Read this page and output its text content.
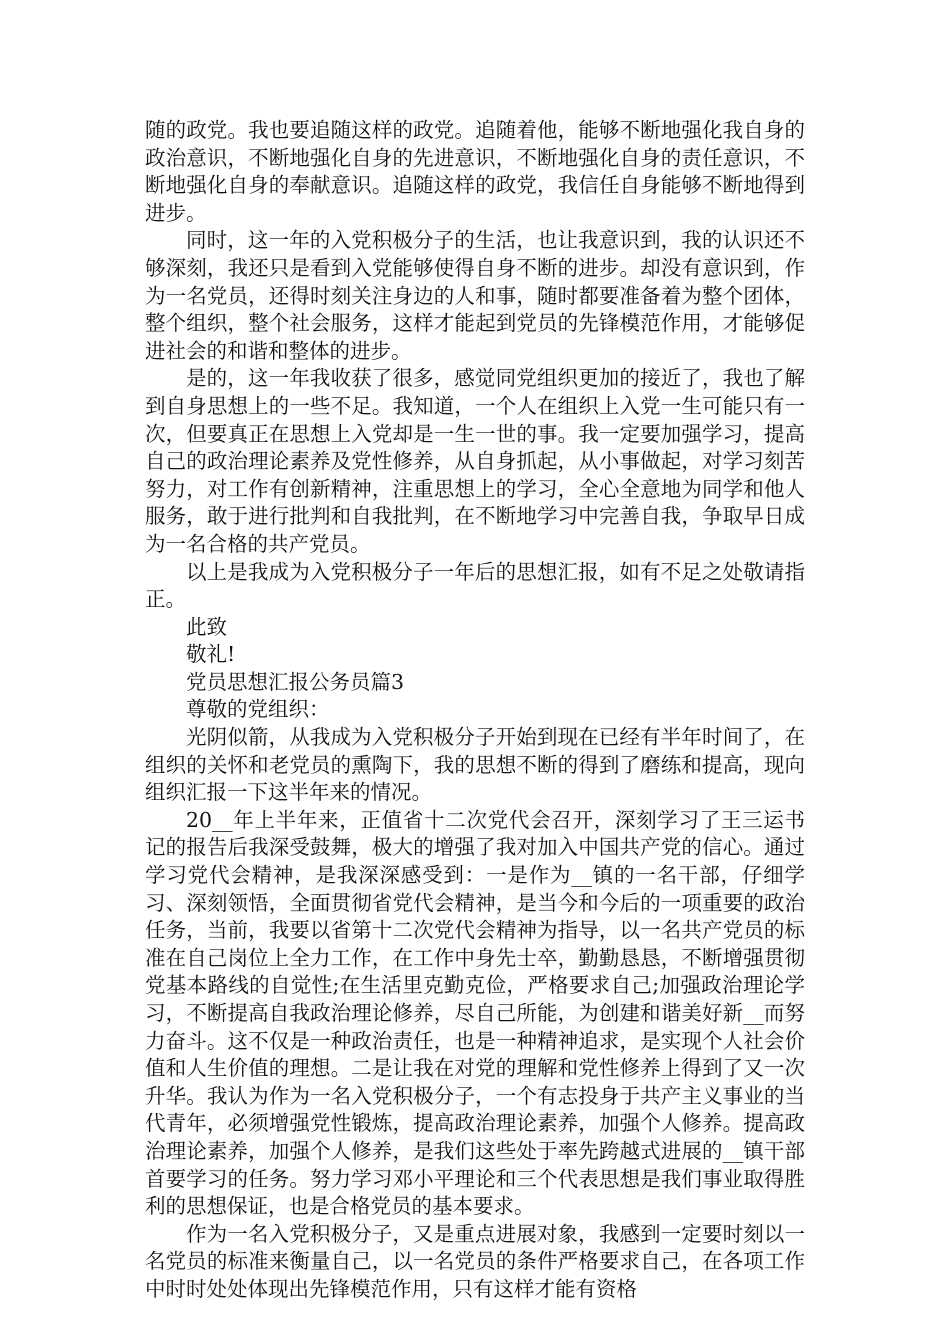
随的政党。我也要追随这样的政党。追随着他，能够不断地强化我自身的政治意识，不断地强化自身的先进意识，不断地强化自身的责任意识，不断地强化自身的奉献意识。追随这样的政党，我信任自身能够不断地得到进步。

同时，这一年的入党积极分子的生活，也让我意识到，我的认识还不够深刻，我还只是看到入党能够使得自身不断的进步。却没有意识到，作为一名党员，还得时刻关注身边的人和事，随时都要准备着为整个团体，整个组织，整个社会服务，这样才能起到党员的先锋模范作用，才能够促进社会的和谐和整体的进步。

是的，这一年我收获了很多，感觉同党组织更加的接近了，我也了解到自身思想上的一些不足。我知道，一个人在组织上入党一生可能只有一次，但要真正在思想上入党却是一生一世的事。我一定要加强学习，提高自己的政治理论素养及党性修养，从自身抓起，从小事做起，对学习刻苦努力，对工作有创新精神，注重思想上的学习，全心全意地为同学和他人服务，敢于进行批判和自我批判，在不断地学习中完善自我，争取早日成为一名合格的共产党员。

以上是我成为入党积极分子一年后的思想汇报，如有不足之处敬请指正。

此致

敬礼!

党员思想汇报公务员篇3

尊敬的党组织：

光阴似箭，从我成为入党积极分子开始到现在已经有半年时间了，在组织的关怀和老党员的熏陶下，我的思想不断的得到了磨练和提高，现向组织汇报一下这半年来的情况。

20__年上半年来，正值省十二次党代会召开，深刻学习了王三运书记的报告后我深受鼓舞，极大的增强了我对加入中国共产党的信心。通过学习党代会精神，是我深深感受到：一是作为__镇的一名干部，仔细学习、深刻领悟，全面贯彻省党代会精神，是当今和今后的一项重要的政治任务，当前，我要以省第十二次党代会精神为指导，以一名共产党员的标准在自己岗位上全力工作，在工作中身先士卒，勤勤恳恳，不断增强贯彻党基本路线的自觉性;在生活里克勤克俭，严格要求自己;加强政治理论学习，不断提高自我政治理论修养，尽自己所能，为创建和谐美好新__而努力奋斗。这不仅是一种政治责任，也是一种精神追求，是实现个人社会价值和人生价值的理想。二是让我在对党的理解和党性修养上得到了又一次升华。我认为作为一名入党积极分子，一个有志投身于共产主义事业的当代青年，必须增强党性锻炼，提高政治理论素养，加强个人修养。提高政治理论素养，加强个人修养，是我们这些处于率先跨越式进展的__镇干部首要学习的任务。努力学习邓小平理论和三个代表思想是我们事业取得胜利的思想保证，也是合格党员的基本要求。

作为一名入党积极分子，又是重点进展对象，我感到一定要时刻以一名党员的标准来衡量自己，以一名党员的条件严格要求自己，在各项工作中时时处处体现出先锋模范作用，只有这样才能有资格
